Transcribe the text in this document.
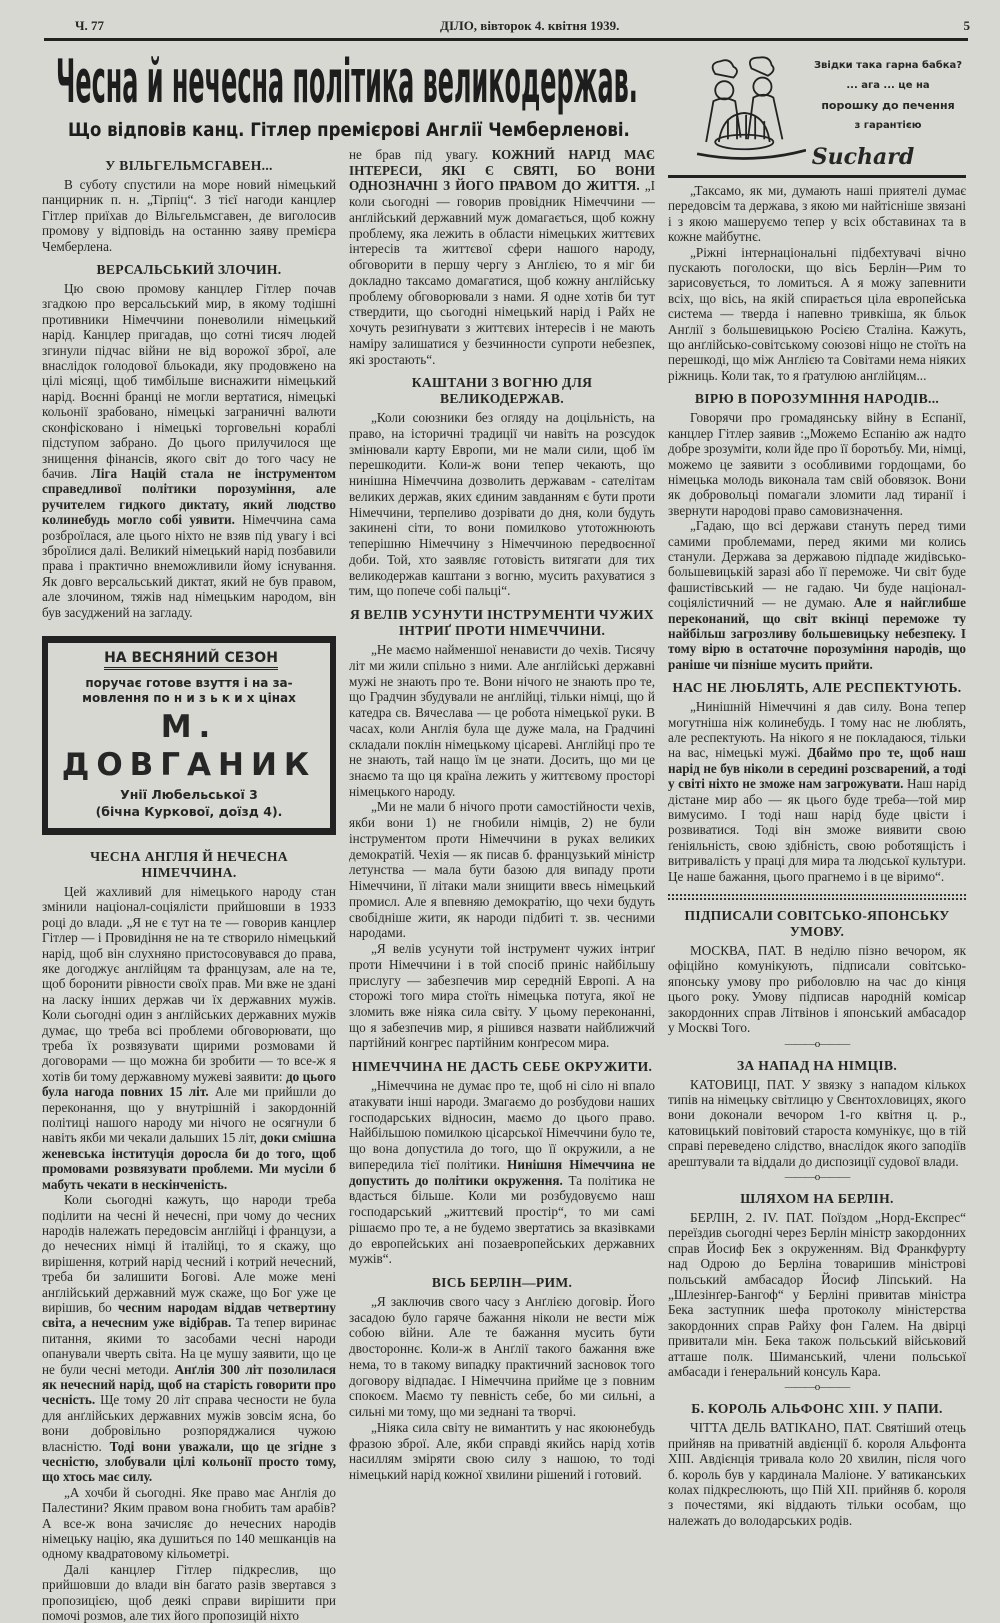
Ч. 77	ДІЛО, вівторок 4. квітня 1939.	5
Чесна й нечесна політика великодержав.
Що відповів канц. Гітлер премієрові Англії Чемберленові.
Звідки така гарна бабка?
... ага ... це на
порошку до печення
з гарантією
Suchard
У ВІЛЬГЕЛЬМСГАВЕН...

В суботу спустили на море новий німецький панцирник п. н. „Тірпіц“. З тієї нагоди канцлер Гітлер приїхав до Вільгельмсгавен, де виголосив промову у відповідь на останню заяву премієра Чемберлена.

ВЕРСАЛЬСЬКИЙ ЗЛОЧИН.

Цю свою промову канцлер Гітлер почав згадкою про версальський мир, в якому тодішні противники Німеччини поневолили німецький нарід. Канцлер пригадав, що сотні тисяч людей згинули підчас війни не від ворожої зброї, але внаслідок голодової бльокади, яку продовжено на цілі місяці, щоб тимбільше виснажити німецький нарід. Воєнні бранці не могли вертатися, німецькі кольонії зрабовано, німецькі заграничні валюти сконфісковано і німецькі торговельні кораблі підступом забрано. До цього прилучилося ще знищення фінансів, якого світ до того часу не бачив. Ліга Націй стала не інструментом справедливої політики порозуміння, але ручителем гидкого диктату, який людство колинебудь могло собі уявити. Німеччина сама розброїлася, але цього ніхто не взяв під увагу і всі зброїлися далі. Великий німецький нарід позбавили права і практично внеможливили йому існування. Як довго версальський диктат, який не був правом, але злочином, тяжів над німецьким народом, він був засуджений на загладу.

НА ВЕСНЯНИЙ СЕЗОН

поручає готове взуття і на за-
мовлення по н и з ь к и х цінах
М. ДОВГАНИК
Унії Любельської 3
(бічна Куркової, доїзд 4).
ЧЕСНА АНГЛІЯ Й НЕЧЕСНА НІМЕЧЧИНА.

Цей жахливий для німецького народу стан змінили націонал-соціялісти прийшовши в 1933 році до влади. „Я не є тут на те — говорив канцлер Гітлер — і Провидіння не на те створило німецький нарід, щоб він слухняно пристосовувався до права, яке догоджує анґлійцям та французам, але на те, щоб боронити рівности своїх прав. Ми вже не здані на ласку інших держав чи їх державних мужів. Коли сьогодні один з анґлійських державних мужів думає, що треба всі проблеми обговорювати, що треба їх розвязувати щирими розмовами й договорами — що можна би зробити — то все-ж я хотів би тому державному мужеві заявити: до цього була нагода повних 15 літ. Але ми прийшли до переконання, що у внутрішній і закордонній політиці нашого народу ми нічого не осягнули б навіть якби ми чекали дальших 15 літ, доки смішна женевська інституція доросла би до того, щоб промовами розвязувати проблеми. Ми мусіли б мабуть чекати в нескінченість.

Коли сьогодні кажуть, що народи треба поділити на чесні й нечесні, при чому до чесних народів належать передовсім анґлійці і французи, а до нечесних німці й італійці, то я скажу, що вирішення, котрий нарід чесний і котрий нечесний, треба би залишити Богові. Але може мені анґлійський державний муж скаже, що Бог уже це вирішив, бо чесним народам віддав четвертину світа, а нечесним уже відібрав. Та тепер виринає питання, якими то засобами чесні народи опанували чверть світа. На це мушу заявити, що це не були чесні методи. Анґлія 300 літ позолилася як нечесний нарід, щоб на старість говорити про чесність. Ще тому 20 літ справа чесности не була для анґлійських державних мужів зовсім ясна, бо вони добровільно розпоряджалися чужою власністю. Тоді вони уважали, що це згідне з чесністю, злобували цілі кольонії просто тому, що хтось має силу.

„А хочби й сьогодні. Яке право має Анґлія до Палестини? Яким правом вона гнобить там арабів? А все-ж вона зачисляє до нечесних народів німецьку націю, яка душиться по 140 мешканців на одному квадратовому кільометрі.

Далі канцлер Гітлер підкреслив, що прийшовши до влади він багато разів звертався з пропозицією, щоб деякі справи вирішити при помочі розмов, але тих його пропозицій ніхто

не брав під увагу. КОЖНИЙ НАРІД МАЄ ІНТЕРЕСИ, ЯКІ Є СВЯТІ, БО ВОНИ ОДНОЗНАЧНІ З ЙОГО ПРАВОМ ДО ЖИТТЯ. „І коли сьогодні — говорив провідник Німеччини — анґлійський державний муж домагається, щоб кожну проблему, яка лежить в области німецьких життєвих інтересів та життєвої сфери нашого народу, обговорити в першу чергу з Анґлією, то я міг би докладно таксамо домагатися, щоб кожну анґлійську проблему обговорювали з нами. Я одне хотів би тут ствердити, що сьогодні німецький нарід і Райх не хочуть резиґнувати з життєвих інтересів і не мають наміру залишатися у безчинности супроти небезпек, які зростають“.

КАШТАНИ З ВОГНЮ ДЛЯ ВЕЛИКОДЕРЖАВ.

„Коли союзники без огляду на доцільність, на право, на історичні традиції чи навіть на розсудок змінювали карту Европи, ми не мали сили, щоб їм перешкодити. Коли-ж вони тепер чекають, що нинішна Німеччина дозволить державам - сателітам великих держав, яких єдиним завданням є бути проти Німеччини, терпеливо дозрівати до дня, коли будуть закинені сіти, то вони помилково утотожнюють теперішню Німеччину з Німеччиною передвоєнної доби. Той, хто заявляє готовість витягати для тих великодержав каштани з вогню, мусить рахуватися з тим, що попече собі пальці“.

Я ВЕЛІВ УСУНУТИ ІНСТРУМЕНТИ ЧУЖИХ ІНТРИҐ ПРОТИ НІМЕЧЧИНИ.

„Не маємо найменшої ненависти до чехів. Тисячу літ ми жили спільно з ними. Але анґлійські державні мужі не знають про те. Вони нічого не знають про те, що Градчин збудували не анґлійці, тільки німці, що й катедра св. Вячеслава — це робота німецької руки. В часах, коли Анґлія була ще дуже мала, на Градчині складали поклін німецькому цісареві. Анґлійці про те не знають, тай нащо їм це знати. Досить, що ми це знаємо та що ця країна лежить у життєвому просторі німецького народу.

„Ми не мали б нічого проти самостійности чехів, якби вони 1) не гнобили німців, 2) не були інструментом проти Німеччини в руках великих демократій. Чехія — як писав б. французький міністр летунства — мала бути базою для випаду проти Німеччини, її літаки мали знищити ввесь німецький промисл. Але я впевняю демократію, що чехи будуть свобідніше жити, як народи підбиті т. зв. чесними народами.

„Я велів усунути той інструмент чужих інтриґ проти Німеччини і в той спосіб приніс найбільшу прислугу — забезпечив мир середній Европі. А на сторожі того мира стоїть німецька потуга, якої не зломить вже ніяка сила світу. У цьому переконанні, що я забезпечив мир, я рішився назвати найближчий партійний конгрес партійним конґресом мира.

НІМЕЧЧИНА НЕ ДАСТЬ СЕБЕ ОКРУЖИТИ.

„Німеччина не думає про те, щоб ні сіло ні впало атакувати інші народи. Змагаємо до розбудови наших господарських відносин, маємо до цього право. Найбільшою помилкою цісарської Німеччини було те, що вона допустила до того, що її окружили, а не випередила тієї політики. Нинішня Німеччина не допустить до політики окруження. Та політика не вдасться більше. Коли ми розбудовуємо наш господарський „життєвий простір“, то ми самі рішаємо про те, а не будемо звертатись за вказівками до европейських ані позаевропейських державних мужів“.

ВІСЬ БЕРЛІН—РИМ.

„Я заключив свого часу з Анґлією договір. Його засадою було гаряче бажання ніколи не вести між собою війни. Але те бажання мусить бути двостороннє. Коли-ж в Анґлії такого бажання вже нема, то в такому випадку практичний засновок того договору відпадає. І Німеччина прийме це з повним спокоєм. Маємо ту певність себе, бо ми сильні, а сильні ми тому, що ми зеднані та творчі.

„Ніяка сила світу не вимантить у нас якоюнебудь фразою зброї. Але, якби справді якийсь нарід хотів насиллям зміряти свою силу з нашою, то тоді німецький нарід кожної хвилини рішений і готовий.

„Таксамо, як ми, думають наші приятелі думає передовсім та держава, з якою ми найтісніше звязані і з якою машеруємо тепер у всіх обставинах та в кожне майбутнє.

„Ріжні інтернаціональні підбехтувачі вічно пускають поголоски, що вісь Берлін—Рим то зарисовується, то ломиться. А я можу запевнити всіх, що вісь, на якій спирається ціла европейська система — тверда і напевно тривкіша, як бльок Анґлії з большевицькою Росією Сталіна. Кажуть, що анґлійсько-совітському союзові ніщо не стоїть на перешкоді, що між Анґлією та Совітами нема ніяких ріжниць. Коли так, то я ґратулюю анґлійцям...

ВІРЮ В ПОРОЗУМІННЯ НАРОДІВ...

Говорячи про громадянську війну в Еспанії, канцлер Гітлер заявив :„Можемо Еспанію аж надто добре зрозуміти, коли йде про її боротьбу. Ми, німці, можемо це заявити з особливими гордощами, бо німецька молодь виконала там свій обовязок. Вони як добровольці помагали зломити лад тиранії і звернути народові право самовизначення.

„Гадаю, що всі держави стануть перед тими самими проблемами, перед якими ми колись станули. Держава за державою підпаде жидівсько-большевицькій заразі або її переможе. Чи світ буде фашистівський — не гадаю. Чи буде націонал-соціялістичний — не думаю. Але я найглибше переконаний, що світ вкінці переможе ту найбільш загрозливу большевицьку небезпеку. І тому вірю в остаточне порозуміння народів, що раніше чи пізніше мусить прийти.

НАС НЕ ЛЮБЛЯТЬ, АЛЕ РЕСПЕКТУЮТЬ.

„Нинішній Німеччині я дав силу. Вона тепер могутніша ніж колинебудь. І тому нас не люблять, але респектують. На нікого я не покладаюся, тільки на вас, німецькі мужі. Дбаймо про те, щоб наш нарід не був ніколи в середині розсварений, а тоді у світі ніхто не зможе нам загрожувати. Наш нарід дістане мир або — як цього буде треба—той мир вимусимо. І тоді наш нарід буде цвісти і розвиватися. Тоді він зможе виявити свою ґеніяльність, свою здібність, свою роботящість і витривалість у праці для мира та людської культури. Це наше бажання, цього прагнемо і в це віримо“.

ПІДПИСАЛИ СОВІТСЬКО-ЯПОНСЬКУ УМОВУ.

МОСКВА, ПАТ. В неділю пізно вечором, як офіційно комунікують, підписали совітсько-японську умову про риболовлю на час до кінця цього року. Умову підписав народній комісар закордонних справ Літвінов і японський амбасадор у Москві Того.

———o———
ЗА НАПАД НА НІМЦІВ.

КАТОВИЦІ, ПАТ. У звязку з нападом кількох типів на німецьку світлицю у Свєнтохловицях, якого вони доконали вечором 1-го квітня ц. р., катовицький повітовий староста комунікує, що в тій справі переведено слідство, внаслідок якого заподіїв арештували та віддали до диспозиції судової влади.

———o———
ШЛЯХОМ НА БЕРЛІН.

БЕРЛІН, 2. IV. ПАТ. Поїздом „Норд-Експрес“ переїздив сьогодні через Берлін міністр закордонних справ Йосиф Бек з окруженням. Від Франкфурту над Одрою до Берліна товаришив міністрові польський амбасадор Йосиф Ліпський. На „Шлезінґер-Бангоф“ у Берліні привитав міністра Бека заступник шефа протоколу міністерства закордонних справ Райху фон Галем. На двірці привитали мін. Бека також польський військовий атташе полк. Шиманський, члени польської амбасади і ґенеральний консуль Кара.

———o———
Б. КОРОЛЬ АЛЬФОНС XIII. У ПАПИ.

ЧІТТА ДЕЛЬ ВАТІКАНО, ПАТ. Святіший отець прийняв на приватній авдієнції б. короля Альфонта XIII. Авдієнція тривала коло 20 хвилин, після чого б. король був у кардинала Маліоне. У ватиканських колах підкреслюють, що Пій XII. прийняв б. короля з почестями, які віддають тільки особам, що належать до володарських родів.
